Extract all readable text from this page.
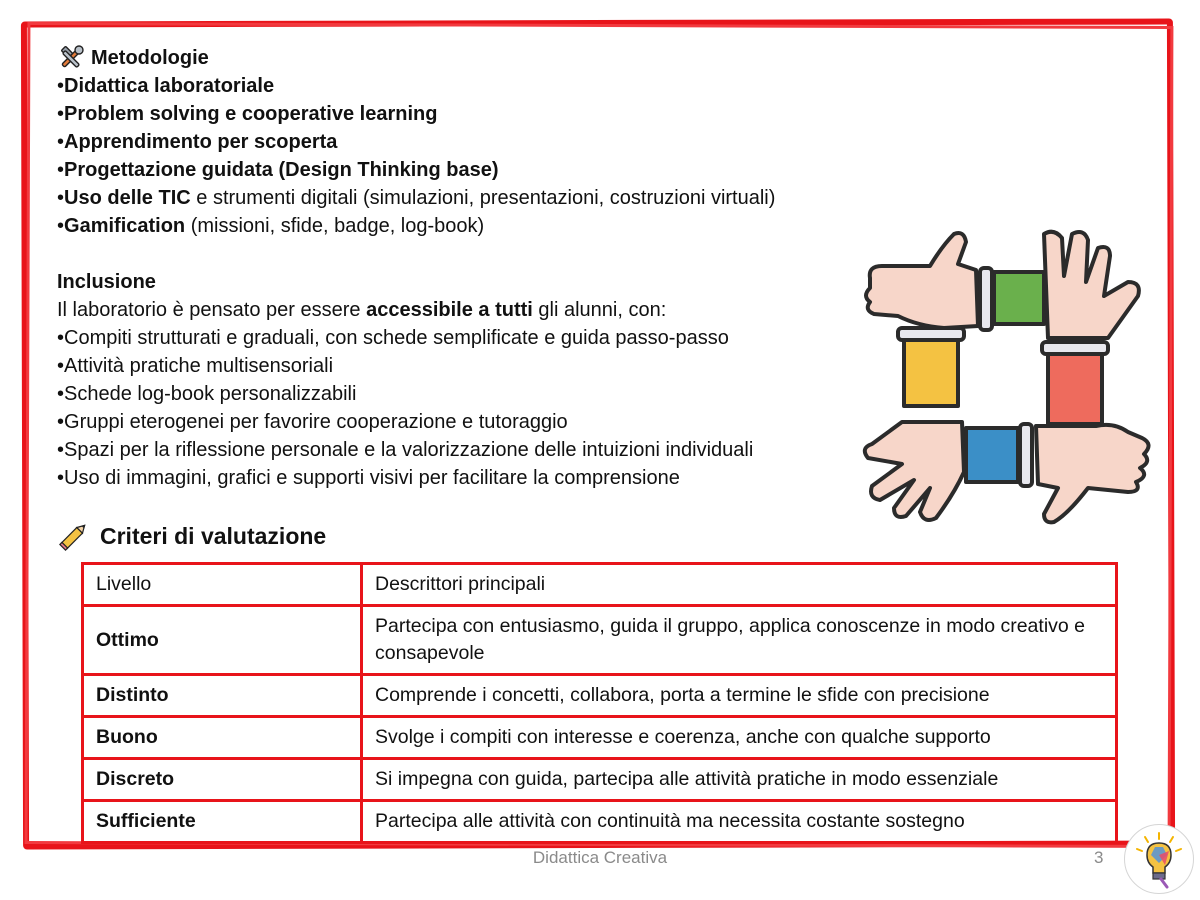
Metodologie
•Didattica laboratoriale
•Problem solving e cooperative learning
•Apprendimento per scoperta
•Progettazione guidata (Design Thinking base)
•Uso delle TIC e strumenti digitali (simulazioni, presentazioni, costruzioni virtuali)
•Gamification (missioni, sfide, badge, log-book)
Inclusione
Il laboratorio è pensato per essere accessibile a tutti gli alunni, con:
•Compiti strutturati e graduali, con schede semplificate e guida passo-passo
•Attività pratiche multisensoriali
•Schede log-book personalizzabili
•Gruppi eterogenei per favorire cooperazione e tutoraggio
•Spazi per la riflessione personale e la valorizzazione delle intuizioni individuali
•Uso di immagini, grafici e supporti visivi per facilitare la comprensione
Criteri di valutazione
Livello	Descrittori principali
Ottimo	Partecipa con entusiasmo, guida il gruppo, applica conoscenze in modo creativo e consapevole
Distinto	Comprende i concetti, collabora, porta a termine le sfide con precisione
Buono	Svolge i compiti con interesse e coerenza, anche con qualche supporto
Discreto	Si impegna con guida, partecipa alle attività pratiche in modo essenziale
Sufficiente	Partecipa alle attività con continuità ma necessita costante sostegno
Didattica Creativa	3
